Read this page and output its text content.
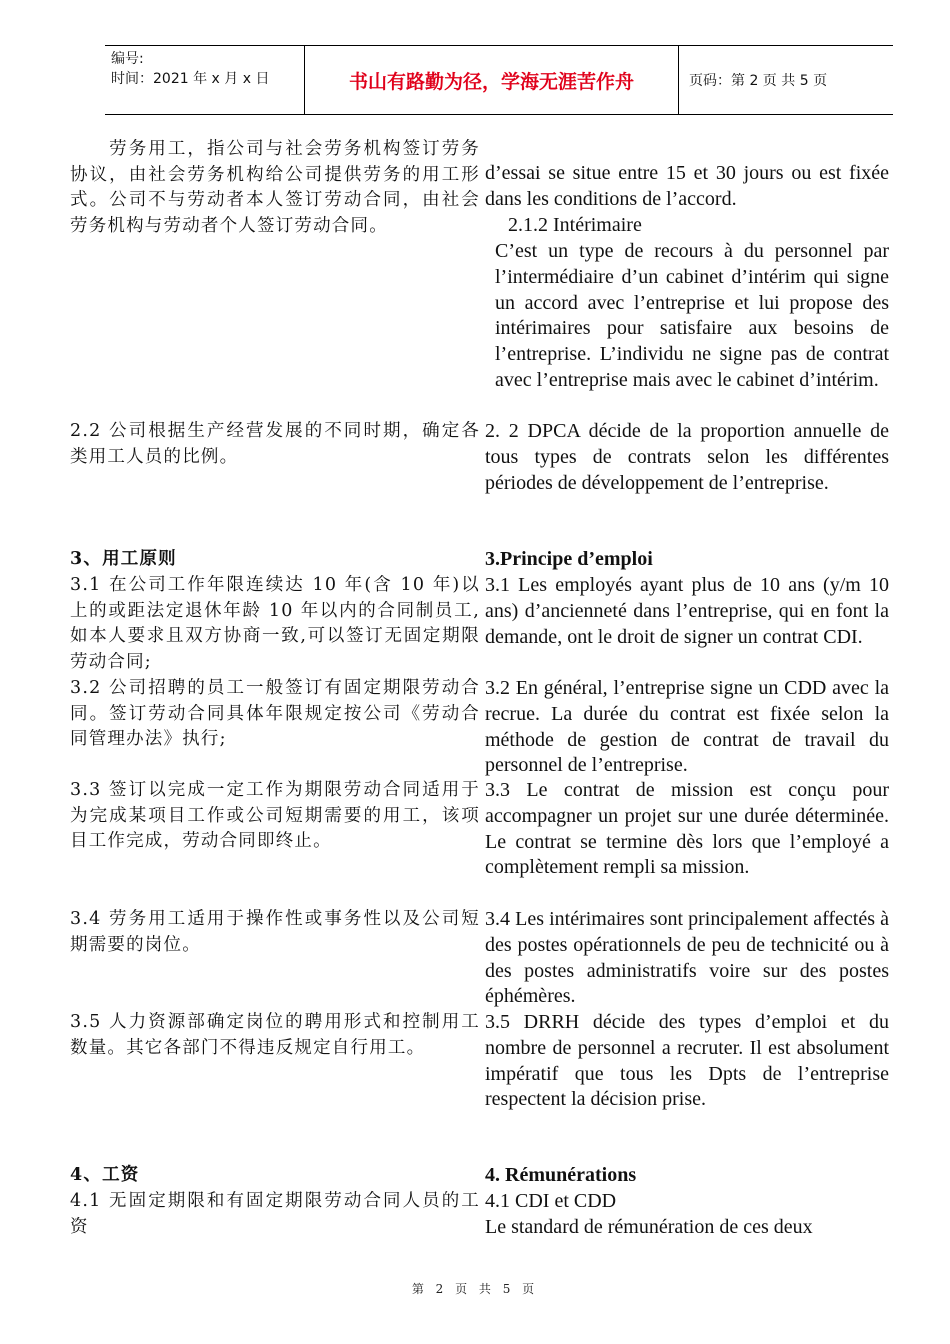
编号:
时间：2021 年 x 月 x 日	书山有路勤为径，学海无涯苦作舟	页码：第 2 页 共 5 页
　　劳务用工，指公司与社会劳务机构签订劳务协议，由社会劳务机构给公司提供劳务的用工形式。公司不与劳动者本人签订劳动合同，由社会劳务机构与劳动者个人签订劳动合同。
2.2 公司根据生产经营发展的不同时期，确定各类用工人员的比例。
3、用工原则
3.1 在公司工作年限连续达 10 年(含 10 年)以上的或距法定退休年龄 10 年以内的合同制员工,如本人要求且双方协商一致,可以签订无固定期限劳动合同;
3.2 公司招聘的员工一般签订有固定期限劳动合同。签订劳动合同具体年限规定按公司《劳动合同管理办法》执行;
3.3 签订以完成一定工作为期限劳动合同适用于为完成某项目工作或公司短期需要的用工，该项目工作完成，劳动合同即终止。
3.4 劳务用工适用于操作性或事务性以及公司短期需要的岗位。
3.5 人力资源部确定岗位的聘用形式和控制用工数量。其它各部门不得违反规定自行用工。
4、工资
4.1 无固定期限和有固定期限劳动合同人员的工资
d’essai se situe entre 15 et 30 jours ou est fixée dans les conditions de l’accord.
2.1.2 Intérimaire
C’est un type de recours à du personnel par l’intermédiaire d’un cabinet d’intérim qui signe un accord avec l’entreprise et lui propose des intérimaires pour satisfaire aux besoins de l’entreprise. L’individu ne signe pas de contrat avec l’entreprise mais avec le cabinet d’intérim.
2. 2 DPCA décide de la proportion annuelle de tous types de contrats selon les différentes périodes de développement de l’entreprise.
3.Principe d’emploi
3.1 Les employés ayant plus de 10 ans (y/m 10 ans) d’ancienneté dans l’entreprise, qui en font la demande, ont le droit de signer un contrat CDI.
3.2 En général, l’entreprise signe un CDD avec la recrue. La durée du contrat est fixée selon la méthode de gestion de contrat de travail du personnel de l’entreprise.
3.3 Le contrat de mission est conçu pour accompagner un projet sur une durée déterminée. Le contrat se termine dès lors que l’employé a complètement rempli sa mission.
3.4 Les intérimaires sont principalement affectés à des postes opérationnels de peu de technicité ou à des postes administratifs voire sur des postes éphémères.
3.5 DRRH décide des types d’emploi et du nombre de personnel a recruter. Il est absolument impératif que tous les Dpts de l’entreprise respectent la décision prise.
4. Rémunérations
4.1 CDI et CDD
Le standard de rémunération de ces deux
第 2 页 共 5 页
